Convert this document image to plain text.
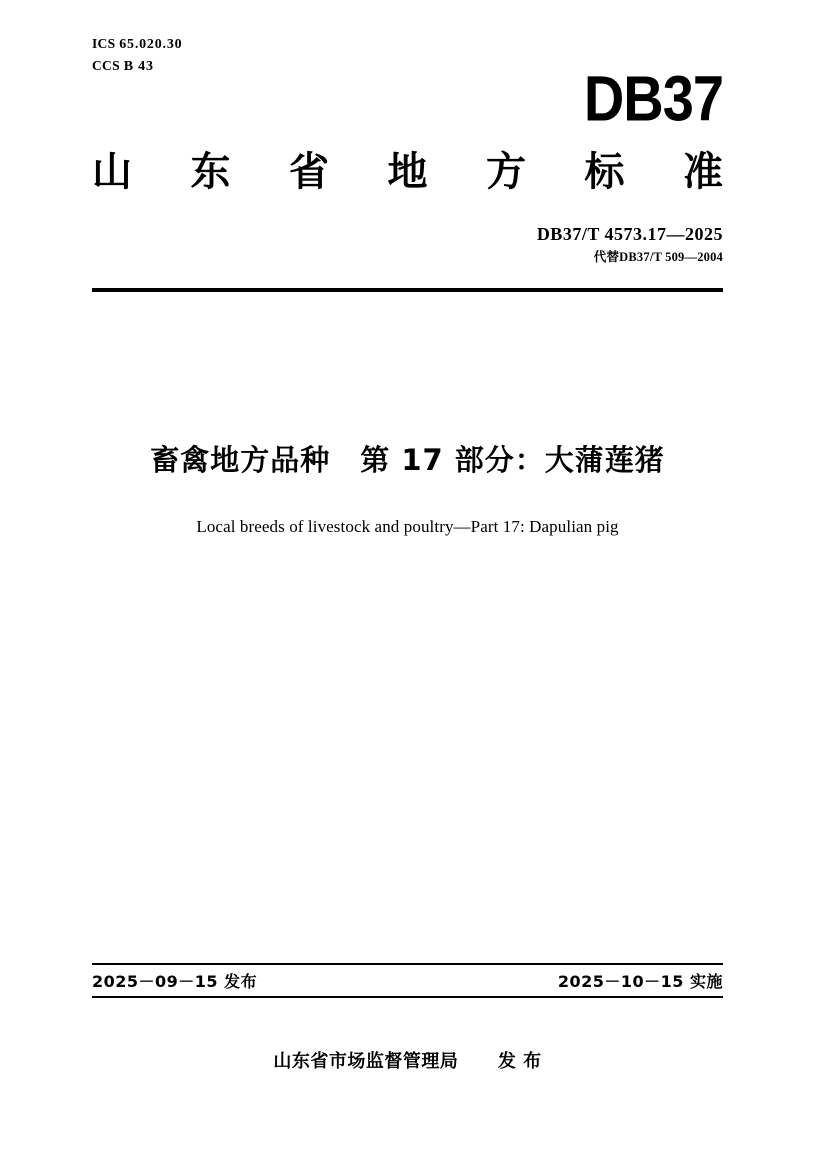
ICS 65.020.30
CCS B 43	DB37
山 东 省 地 方 标 准
DB37/T 4573.17—2025
代替DB37/T 509—2004
畜禽地方品种　第 17 部分：大蒲莲猪
Local breeds of livestock and poultry—Part 17: Dapulian pig
2025－09－15 发布	2025－10－15 实施
山东省市场监督管理局 发 布
